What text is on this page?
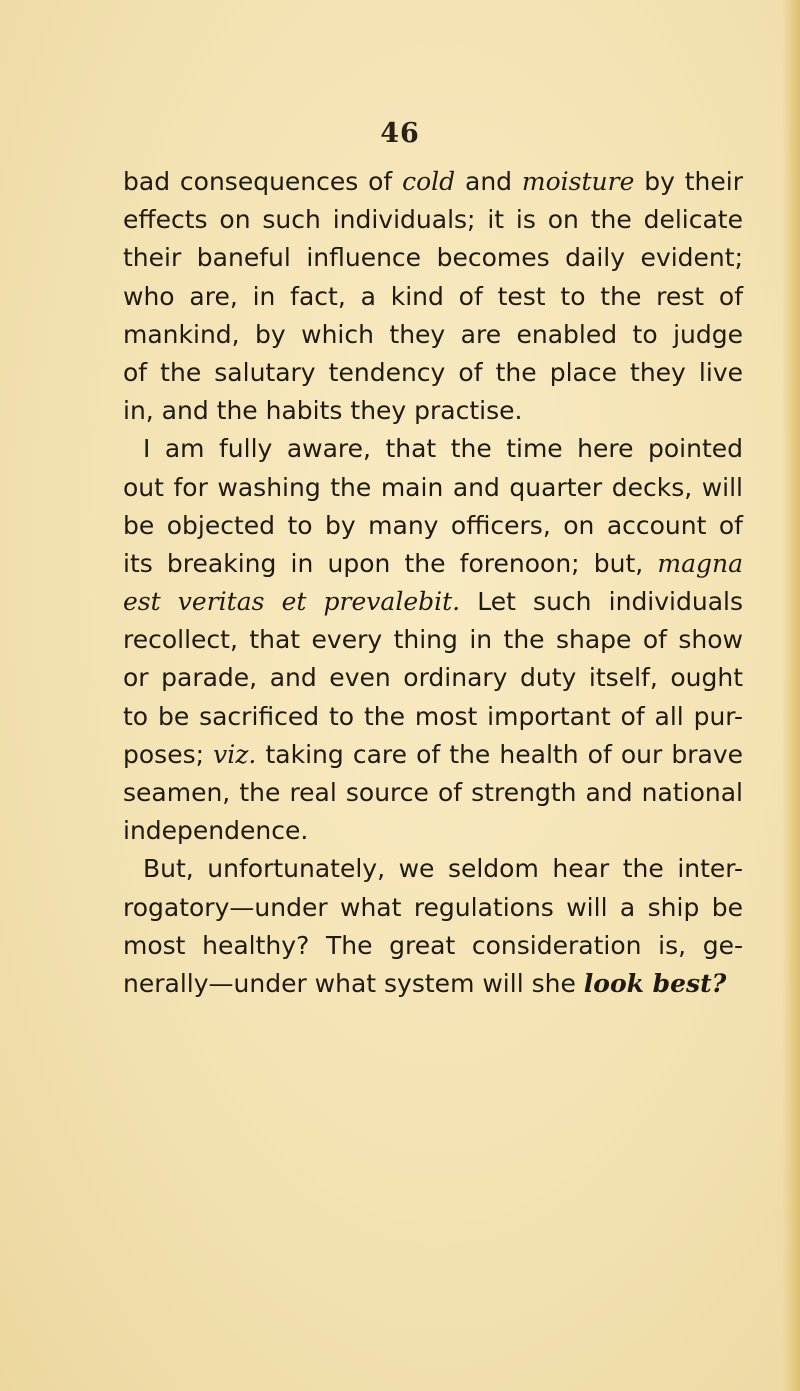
46
bad consequences of cold and moisture by their
effects on such individuals; it is on the delicate
their baneful influence becomes daily evident;
who are, in fact, a kind of test to the rest of
mankind, by which they are enabled to judge
of the salutary tendency of the place they live
in, and the habits they practise.
I am fully aware, that the time here pointed
out for washing the main and quarter decks, will
be objected to by many officers, on account of
its breaking in upon the forenoon; but, magna
est veritas et prevalebit. Let such individuals
recollect, that every thing in the shape of show
or parade, and even ordinary duty itself, ought
to be sacrificed to the most important of all pur-
poses; viz. taking care of the health of our brave
seamen, the real source of strength and national
independence.
But, unfortunately, we seldom hear the inter-
rogatory—under what regulations will a ship be
most healthy? The great consideration is, ge-
nerally—under what system will she look best?
